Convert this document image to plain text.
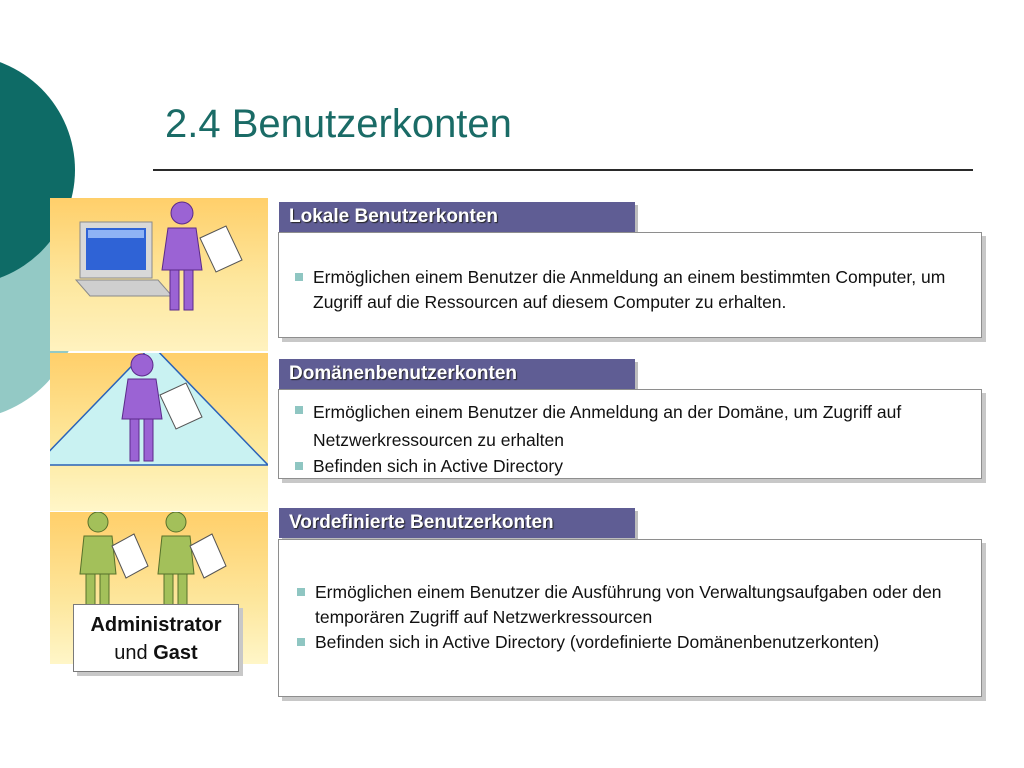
2.4 Benutzerkonten
Lokale Benutzerkonten
Ermöglichen einem Benutzer die Anmeldung an einem bestimmten Computer, um Zugriff auf die Ressourcen auf diesem Computer zu erhalten.
Domänenbenutzerkonten
Ermöglichen einem Benutzer die Anmeldung an der Domäne, um Zugriff auf Netzwerkressourcen zu erhalten
Befinden sich in Active Directory
Vordefinierte Benutzerkonten
Ermöglichen einem Benutzer die Ausführung von Verwaltungsaufgaben oder den temporären Zugriff auf Netzwerkressourcen
Befinden sich in Active Directory (vordefinierte Domänenbenutzerkonten)
Administrator
und Gast
